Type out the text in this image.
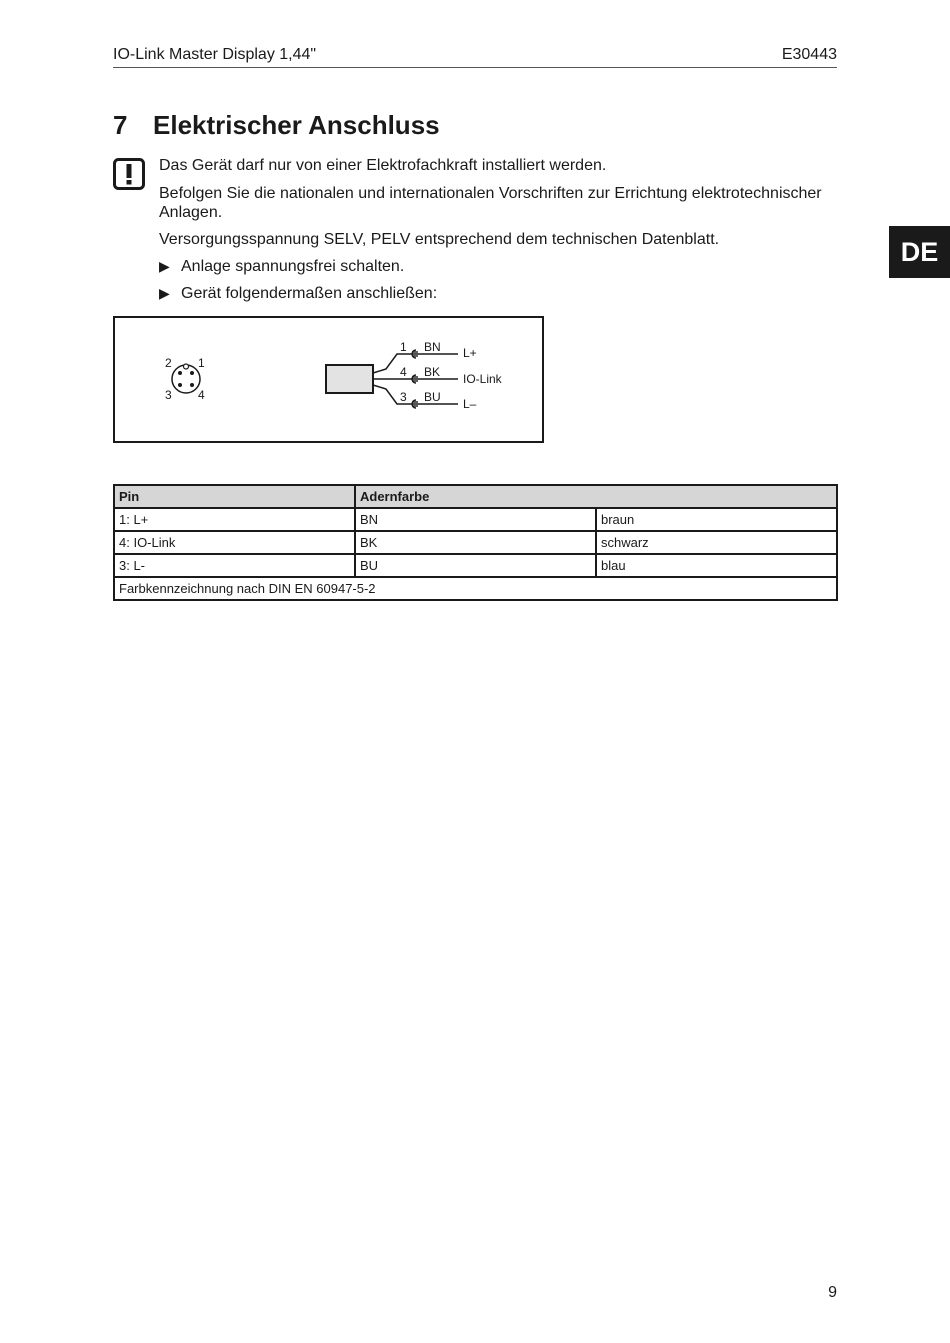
IO-Link Master Display 1,44"	E30443
DE
7 Elektrischer Anschluss
Das Gerät darf nur von einer Elektrofachkraft installiert werden.
Befolgen Sie die nationalen und internationalen Vorschriften zur Errichtung elektrotechnischer Anlagen.
Versorgungsspannung SELV, PELV entsprechend dem technischen Datenblatt.
▶ Anlage spannungsfrei schalten.
▶ Gerät folgendermaßen anschließen:
2 1
3 4
1 BN L+
4 BK IO-Link
3 BU L–
Pin	Adernfarbe	
1: L+	BN	braun
4: IO-Link	BK	schwarz
3: L-	BU	blau
Farbkennzeichnung nach DIN EN 60947-5-2		
9
